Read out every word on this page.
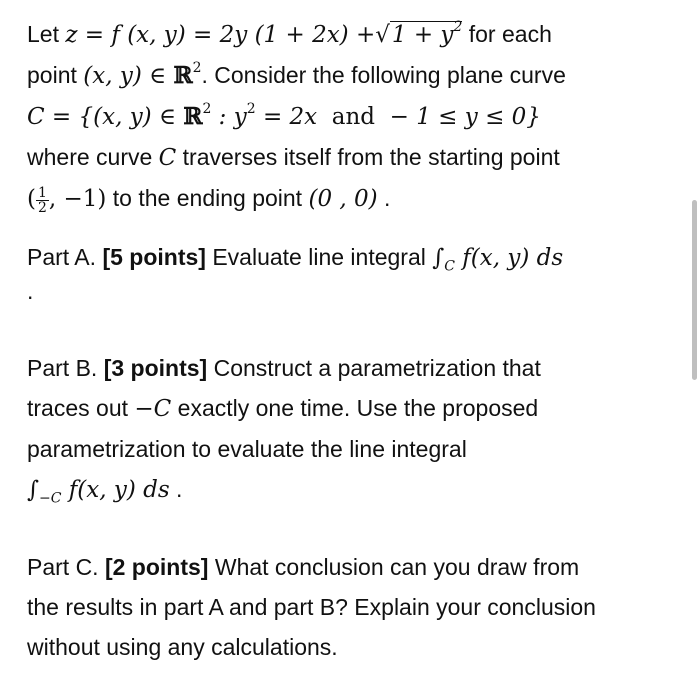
Let z = f (x, y) = 2y $(1 + 2x) +√1 + y^2$ for each
point (x, y) ∈ ℝ$^2$. Consider the following plane curve
C = {(x, y) ∈ ℝ$^2$ : $y^2 = 2x$ and − 1 ≤ y ≤ 0}
where curve C traverses itself from the starting point
( $\frac{1}{2}$ , −1) to the ending point (0 , 0) .

Part A. [5 points] Evaluate line integral $\int_C$ f(x, y) ds
.

Part B. [3 points] Construct a parametrization that
traces out −C exactly one time. Use the proposed
parametrization to evaluate the line integral
$\int_{-C}$ f(x, y) ds .

Part C. [2 points] What conclusion can you draw from
the results in part A and part B? Explain your conclusion
without using any calculations.
